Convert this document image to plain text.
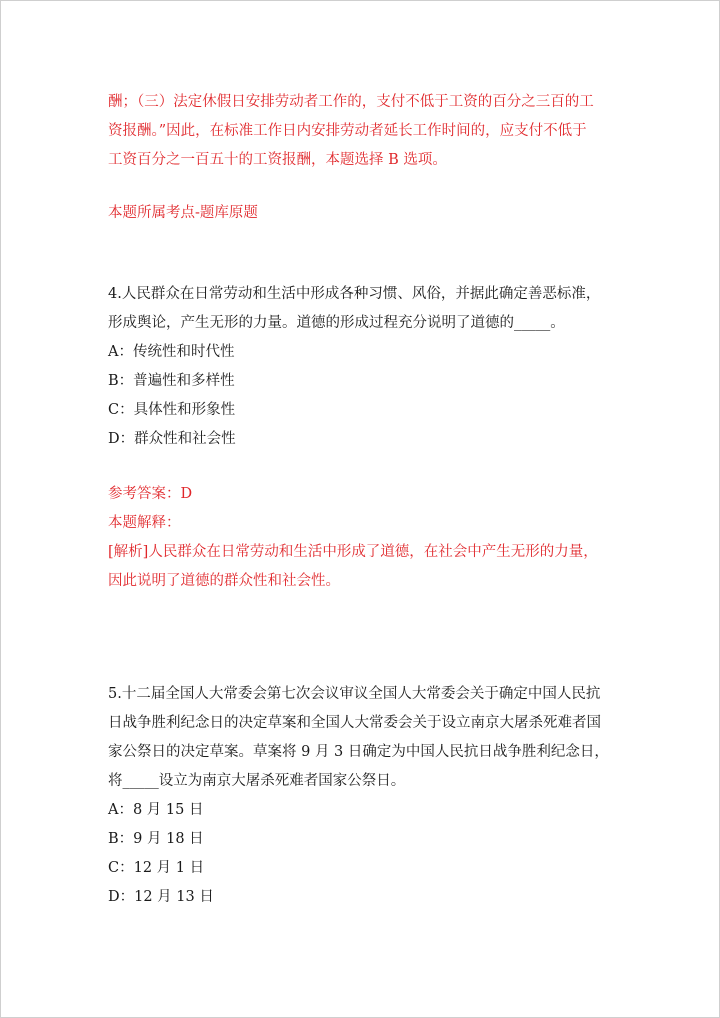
酬；（三）法定休假日安排劳动者工作的，支付不低于工资的百分之三百的工

资报酬。”因此，在标准工作日内安排劳动者延长工作时间的，应支付不低于

工资百分之一百五十的工资报酬，本题选择 B 选项。

本题所属考点-题库原题

4.人民群众在日常劳动和生活中形成各种习惯、风俗，并据此确定善恶标准，

形成舆论，产生无形的力量。道德的形成过程充分说明了道德的_____。

A：传统性和时代性

B：普遍性和多样性

C：具体性和形象性

D：群众性和社会性

参考答案：D

本题解释：

[解析]人民群众在日常劳动和生活中形成了道德，在社会中产生无形的力量，

因此说明了道德的群众性和社会性。

5.十二届全国人大常委会第七次会议审议全国人大常委会关于确定中国人民抗

日战争胜利纪念日的决定草案和全国人大常委会关于设立南京大屠杀死难者国

家公祭日的决定草案。草案将 9 月 3 日确定为中国人民抗日战争胜利纪念日，

将_____设立为南京大屠杀死难者国家公祭日。

A：8 月 15 日

B：9 月 18 日

C：12 月 1 日

D：12 月 13 日
